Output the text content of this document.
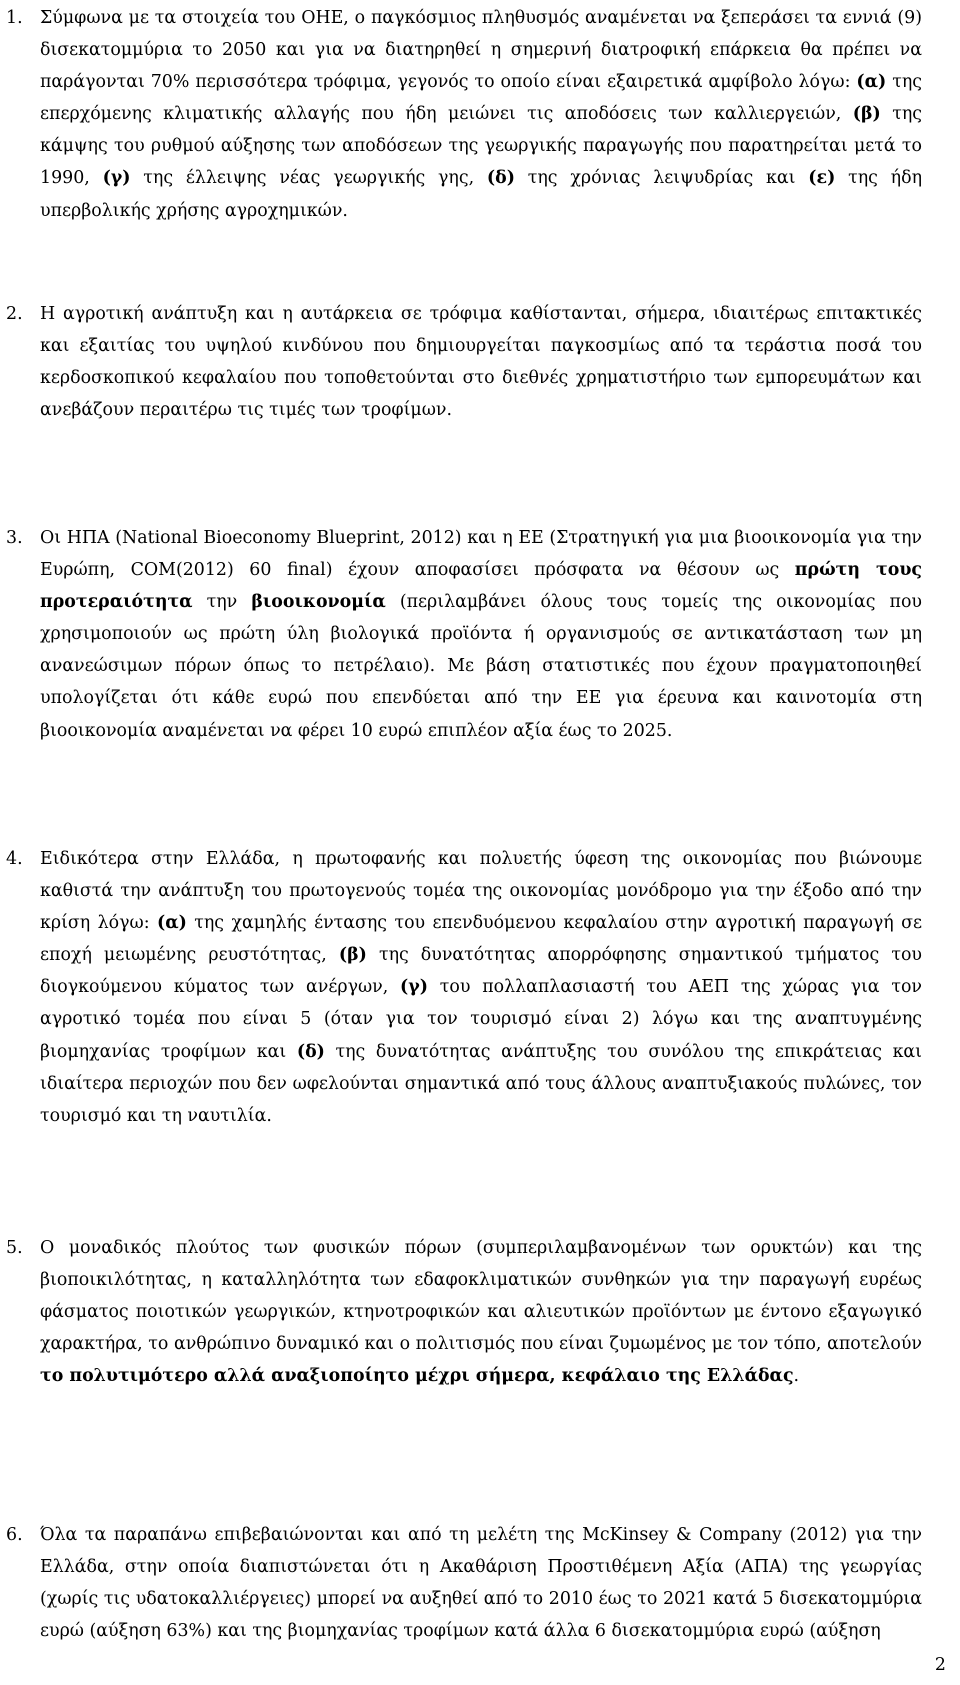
1. Σύμφωνα με τα στοιχεία του ΟΗΕ, ο παγκόσμιος πληθυσμός αναμένεται να ξεπεράσει τα εννιά (9) δισεκατομμύρια το 2050 και για να διατηρηθεί η σημερινή διατροφική επάρκεια θα πρέπει να παράγονται 70% περισσότερα τρόφιμα, γεγονός το οποίο είναι εξαιρετικά αμφίβολο λόγω: (α) της επερχόμενης κλιματικής αλλαγής που ήδη μειώνει τις αποδόσεις των καλλιεργειών, (β) της κάμψης του ρυθμού αύξησης των αποδόσεων της γεωργικής παραγωγής που παρατηρείται μετά το 1990, (γ) της έλλειψης νέας γεωργικής γης, (δ) της χρόνιας λειψυδρίας και (ε) της ήδη υπερβολικής χρήσης αγροχημικών.
2. Η αγροτική ανάπτυξη και η αυτάρκεια σε τρόφιμα καθίστανται, σήμερα, ιδιαιτέρως επιτακτικές και εξαιτίας του υψηλού κινδύνου που δημιουργείται παγκοσμίως από τα τεράστια ποσά του κερδοσκοπικού κεφαλαίου που τοποθετούνται στο διεθνές χρηματιστήριο των εμπορευμάτων και ανεβάζουν περαιτέρω τις τιμές των τροφίμων.
3. Οι ΗΠΑ (National Bioeconomy Blueprint, 2012) και η ΕΕ (Στρατηγική για μια βιοοικονομία για την Ευρώπη, COM(2012) 60 final) έχουν αποφασίσει πρόσφατα να θέσουν ως πρώτη τους προτεραιότητα την βιοοικονομία (περιλαμβάνει όλους τους τομείς της οικονομίας που χρησιμοποιούν ως πρώτη ύλη βιολογικά προϊόντα ή οργανισμούς σε αντικατάσταση των μη ανανεώσιμων πόρων όπως το πετρέλαιο). Με βάση στατιστικές που έχουν πραγματοποιηθεί υπολογίζεται ότι κάθε ευρώ που επενδύεται από την ΕΕ για έρευνα και καινοτομία στη βιοοικονομία αναμένεται να φέρει 10 ευρώ επιπλέον αξία έως το 2025.
4. Ειδικότερα στην Ελλάδα, η πρωτοφανής και πολυετής ύφεση της οικονομίας που βιώνουμε καθιστά την ανάπτυξη του πρωτογενούς τομέα της οικονομίας μονόδρομο για την έξοδο από την κρίση λόγω: (α) της χαμηλής έντασης του επενδυόμενου κεφαλαίου στην αγροτική παραγωγή σε εποχή μειωμένης ρευστότητας, (β) της δυνατότητας απορρόφησης σημαντικού τμήματος του διογκούμενου κύματος των ανέργων, (γ) του πολλαπλασιαστή του ΑΕΠ της χώρας για τον αγροτικό τομέα που είναι 5 (όταν για τον τουρισμό είναι 2) λόγω και της αναπτυγμένης βιομηχανίας τροφίμων και (δ) της δυνατότητας ανάπτυξης του συνόλου της επικράτειας και ιδιαίτερα περιοχών που δεν ωφελούνται σημαντικά από τους άλλους αναπτυξιακούς πυλώνες, τον τουρισμό και τη ναυτιλία.
5. Ο μοναδικός πλούτος των φυσικών πόρων (συμπεριλαμβανομένων των ορυκτών) και της βιοποικιλότητας, η καταλληλότητα των εδαφοκλιματικών συνθηκών για την παραγωγή ευρέως φάσματος ποιοτικών γεωργικών, κτηνοτροφικών και αλιευτικών προϊόντων με έντονο εξαγωγικό χαρακτήρα, το ανθρώπινο δυναμικό και ο πολιτισμός που είναι ζυμωμένος με τον τόπο, αποτελούν το πολυτιμότερο αλλά αναξιοποίητο μέχρι σήμερα, κεφάλαιο της Ελλάδας.
6. Όλα τα παραπάνω επιβεβαιώνονται και από τη μελέτη της McKinsey & Company (2012) για την Ελλάδα, στην οποία διαπιστώνεται ότι η Ακαθάριση Προστιθέμενη Αξία (ΑΠΑ) της γεωργίας (χωρίς τις υδατοκαλλιέργειες) μπορεί να αυξηθεί από το 2010 έως το 2021 κατά 5 δισεκατομμύρια ευρώ (αύξηση 63%) και της βιομηχανίας τροφίμων κατά άλλα 6 δισεκατομμύρια ευρώ (αύξηση
2
